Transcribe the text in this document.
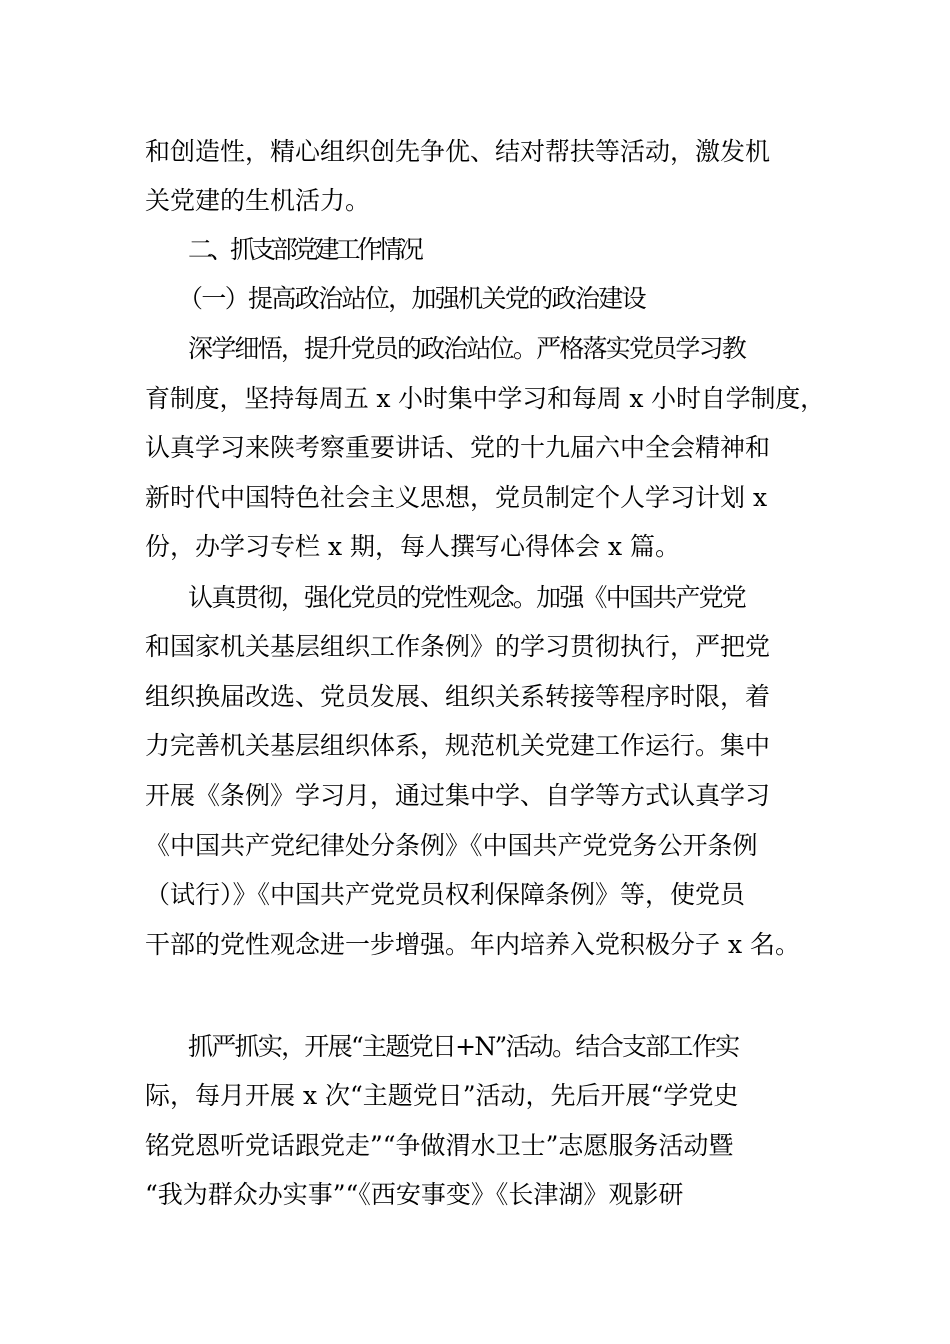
和创造性，精心组织创先争优、结对帮扶等活动，激发机
关党建的生机活力。
二、抓支部党建工作情况
（一）提高政治站位，加强机关党的政治建设
深学细悟，提升党员的政治站位。严格落实党员学习教
育制度，坚持每周五 x 小时集中学习和每周 x 小时自学制度，
认真学习来陕考察重要讲话、党的十九届六中全会精神和
新时代中国特色社会主义思想，党员制定个人学习计划 x
份，办学习专栏 x 期，每人撰写心得体会 x 篇。
认真贯彻，强化党员的党性观念。加强《中国共产党党
和国家机关基层组织工作条例》的学习贯彻执行，严把党
组织换届改选、党员发展、组织关系转接等程序时限，着
力完善机关基层组织体系，规范机关党建工作运行。集中
开展《条例》学习月，通过集中学、自学等方式认真学习
《中国共产党纪律处分条例》《中国共产党党务公开条例
（试行）》《中国共产党党员权利保障条例》等，使党员
干部的党性观念进一步增强。年内培养入党积极分子 x 名。
抓严抓实，开展“主题党日+N”活动。结合支部工作实
际，每月开展 x 次“主题党日”活动，先后开展“学党史
铭党恩听党话跟党走”“争做渭水卫士”志愿服务活动暨
“我为群众办实事”“《西安事变》《长津湖》观影研
